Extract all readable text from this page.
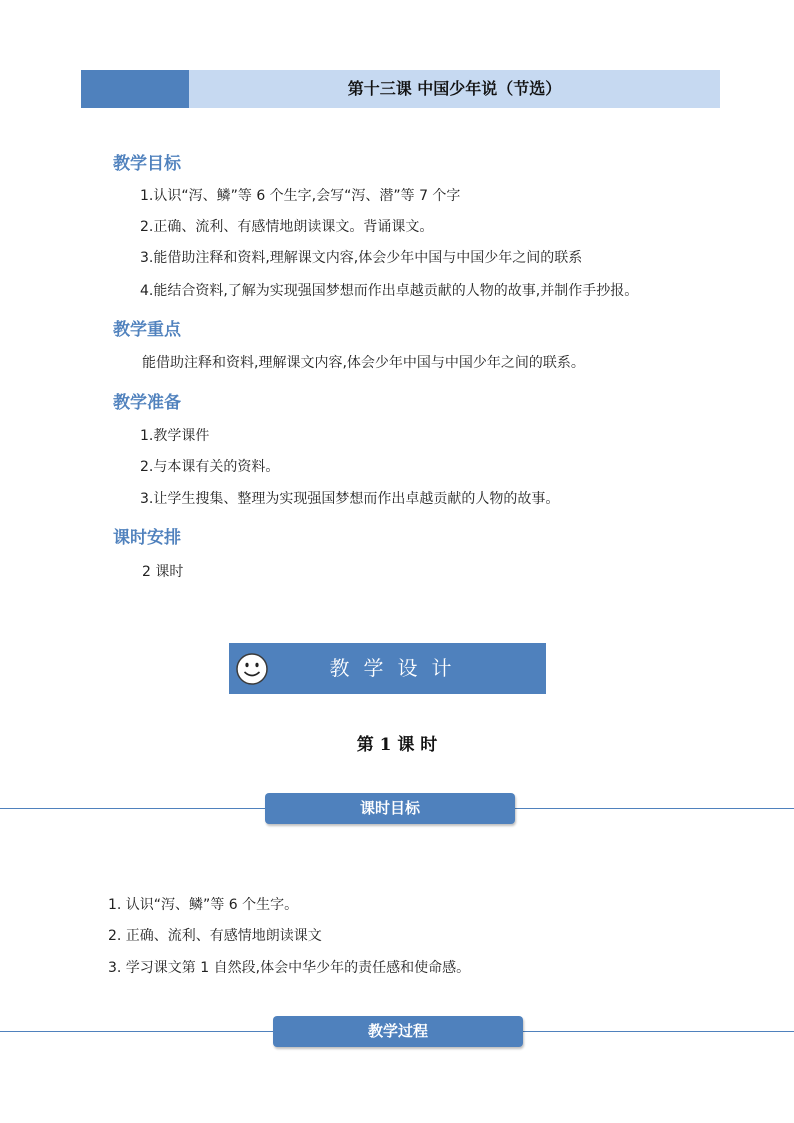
第十三课 中国少年说（节选）
教学目标
1.认识“泻、鳞”等 6 个生字,会写“泻、潜”等 7 个字
2.正确、流利、有感情地朗读课文。背诵课文。
3.能借助注释和资料,理解课文内容,体会少年中国与中国少年之间的联系
4.能结合资料,了解为实现强国梦想而作出卓越贡献的人物的故事,并制作手抄报。
教学重点
能借助注释和资料,理解课文内容,体会少年中国与中国少年之间的联系。
教学准备
1.教学课件
2.与本课有关的资料。
3.让学生搜集、整理为实现强国梦想而作出卓越贡献的人物的故事。
课时安排
2 课时
教学设计
第 1 课 时
课时目标
1. 认识“泻、鳞”等 6 个生字。
2. 正确、流利、有感情地朗读课文
3. 学习课文第 1 自然段,体会中华少年的责任感和使命感。
教学过程
